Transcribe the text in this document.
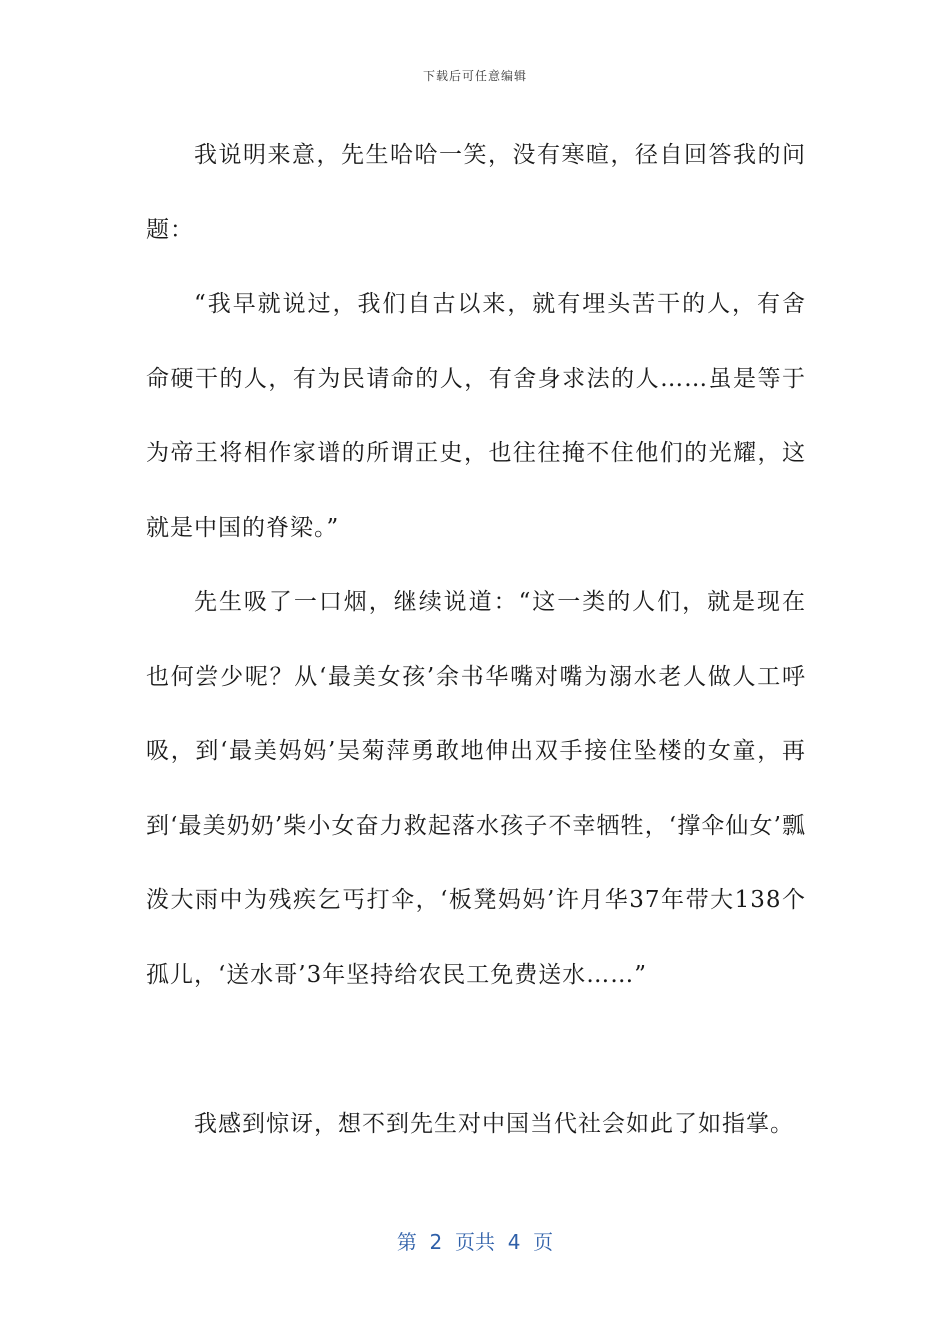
下载后可任意编辑

我说明来意，先生哈哈一笑，没有寒暄，径自回答我的问题：

“我早就说过，我们自古以来，就有埋头苦干的人，有舍命硬干的人，有为民请命的人，有舍身求法的人……虽是等于为帝王将相作家谱的所谓正史，也往往掩不住他们的光耀，这就是中国的脊梁。”

先生吸了一口烟，继续说道：“这一类的人们，就是现在也何尝少呢？从‘最美女孩’余书华嘴对嘴为溺水老人做人工呼吸，到‘最美妈妈’吴菊萍勇敢地伸出双手接住坠楼的女童，再到‘最美奶奶’柴小女奋力救起落水孩子不幸牺牲，‘撑伞仙女’瓢泼大雨中为残疾乞丐打伞，‘板凳妈妈’许月华37年带大138个孤儿，‘送水哥’3年坚持给农民工免费送水……”

我感到惊讶，想不到先生对中国当代社会如此了如指掌。

第  2  页共  4  页
